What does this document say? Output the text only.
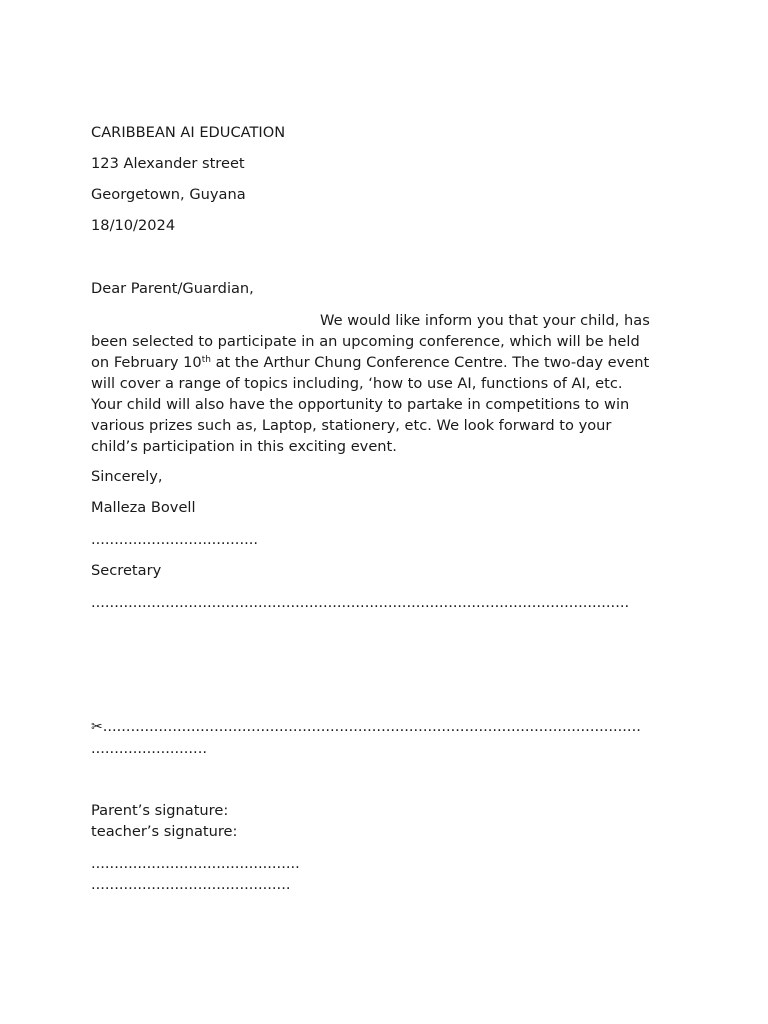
CARIBBEAN AI EDUCATION
123 Alexander street
Georgetown, Guyana
18/10/2024
Dear Parent/Guardian,
We would like inform you that your child, has
been selected to participate in an upcoming conference, which will be held
on February 10th at the Arthur Chung Conference Centre. The two-day event
will cover a range of topics including, ‘how to use AI, functions of AI, etc.
Your child will also have the opportunity to partake in competitions to win
various prizes such as, Laptop, stationery, etc. We look forward to your
child’s participation in this exciting event.
Sincerely,
Malleza Bovell
....................................
Secretary
....................................................................................................................
✂....................................................................................................................
.........................
Parent’s signature:
teacher’s signature:
.............................................
...........................................
